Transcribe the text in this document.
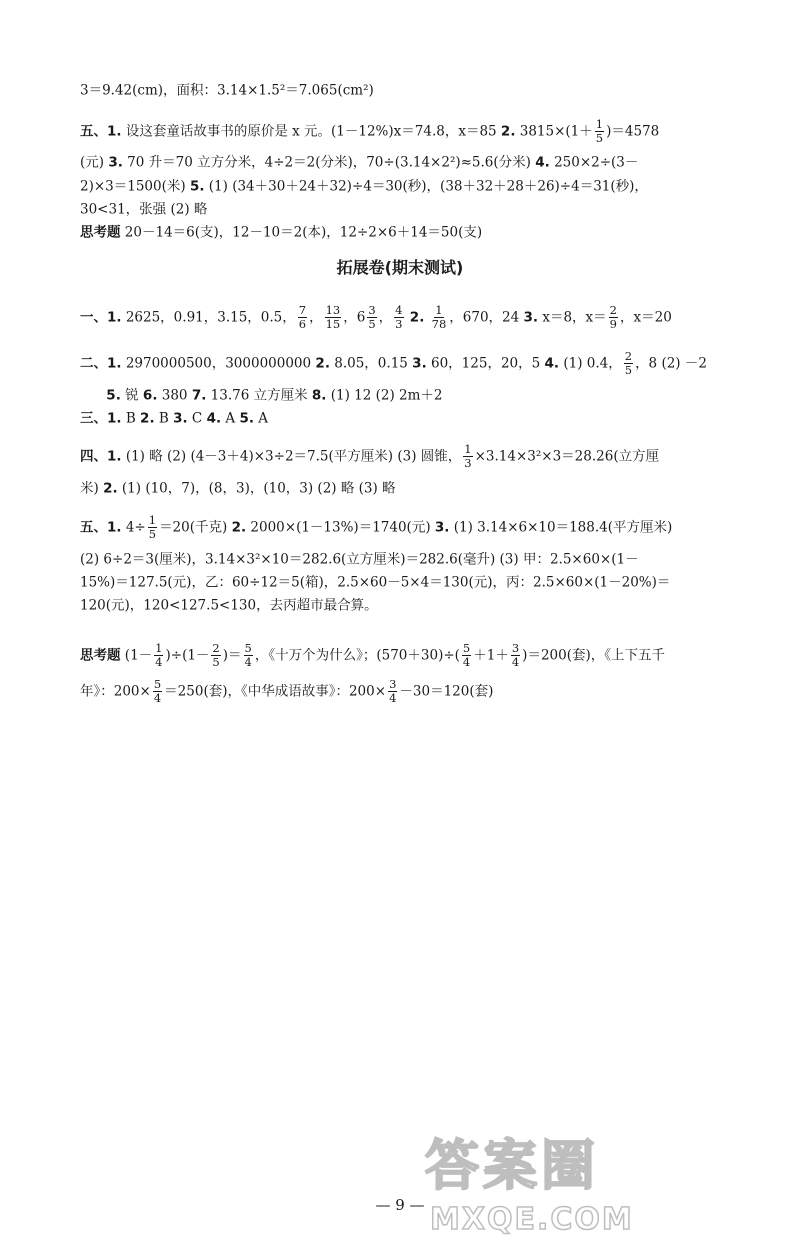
3＝9.42(cm)，面积：3.14×1.5²＝7.065(cm²)
五、1. 设这套童话故事书的原价是 x 元。(1－12%)x＝74.8，x＝85 2. $3815\times(1+ \frac{1}{5} )=4578$
(元) 3. 70 升＝70 立方分米，4÷2＝2(分米)，70÷(3.14×2²)≈5.6(分米) 4. 250×2÷(3－
2)×3＝1500(米) 5. (1) (34＋30＋24＋32)÷4＝30(秒)，(38＋32＋28＋26)÷4＝31(秒)，
30<31，张强 (2) 略
思考题 20－14＝6(支)，12－10＝2(本)，12÷2×6＋14＝50(支)
拓展卷(期末测试)
一、1. 2625，0.91，3.15，0.5， $\frac{7}{6}$ ， $\frac{13}{15}$ ，$6 \frac{3}{5}$ ， $\frac{4}{3} 2$. $\frac{1}{78}$ ，670，24 3. x＝8，$x= \frac{2}{9}$ ，x＝20
二、1. 2970000500，3000000000 2. 8.05，0.15 3. 60，125，20，5 4. (1) 0.4， $\frac{2}{5}$ ，8 (2) －2
5. 锐 6. 380 7. 13.76 立方厘米 8. (1) 12 (2) 2m＋2
三、1. B 2. B 3. C 4. A 5. A
四、1. (1) 略 (2) (4－3＋4)×3÷2＝7.5(平方厘米) (3) 圆锥， $\frac{1}{3} \times 3.14\times 3^2\times 3=28.26$(立方厘
米) 2. (1) (10，7)，(8，3)，(10，3) (2) 略 (3) 略
五、1. $4\div \frac{1}{5} =20$(千克) 2. 2000×(1－13%)＝1740(元) 3. (1) 3.14×6×10＝188.4(平方厘米)
(2) 6÷2＝3(厘米)，3.14×3²×10＝282.6(立方厘米)＝282.6(毫升) (3) 甲：2.5×60×(1－
15%)＝127.5(元)，乙：60÷12＝5(箱)，2.5×60－5×4＝130(元)，丙：2.5×60×(1－20%)＝
120(元)，120<127.5<130，去丙超市最合算。
思考题 $(1- \frac{1}{4} )\div(1- \frac{2}{5}$ )＝ $\frac{5}{4}$ ，《十万个为什么》；$(570+30)\div( \frac{5}{4} +1+ \frac{3}{4} )=200$(套)，《上下五千
年》：$200\times \frac{5}{4} =250$(套)，《中华成语故事》：$200\times \frac{3}{4} -30=120$(套)
答案圈
MXQE.COM
— 9 —
